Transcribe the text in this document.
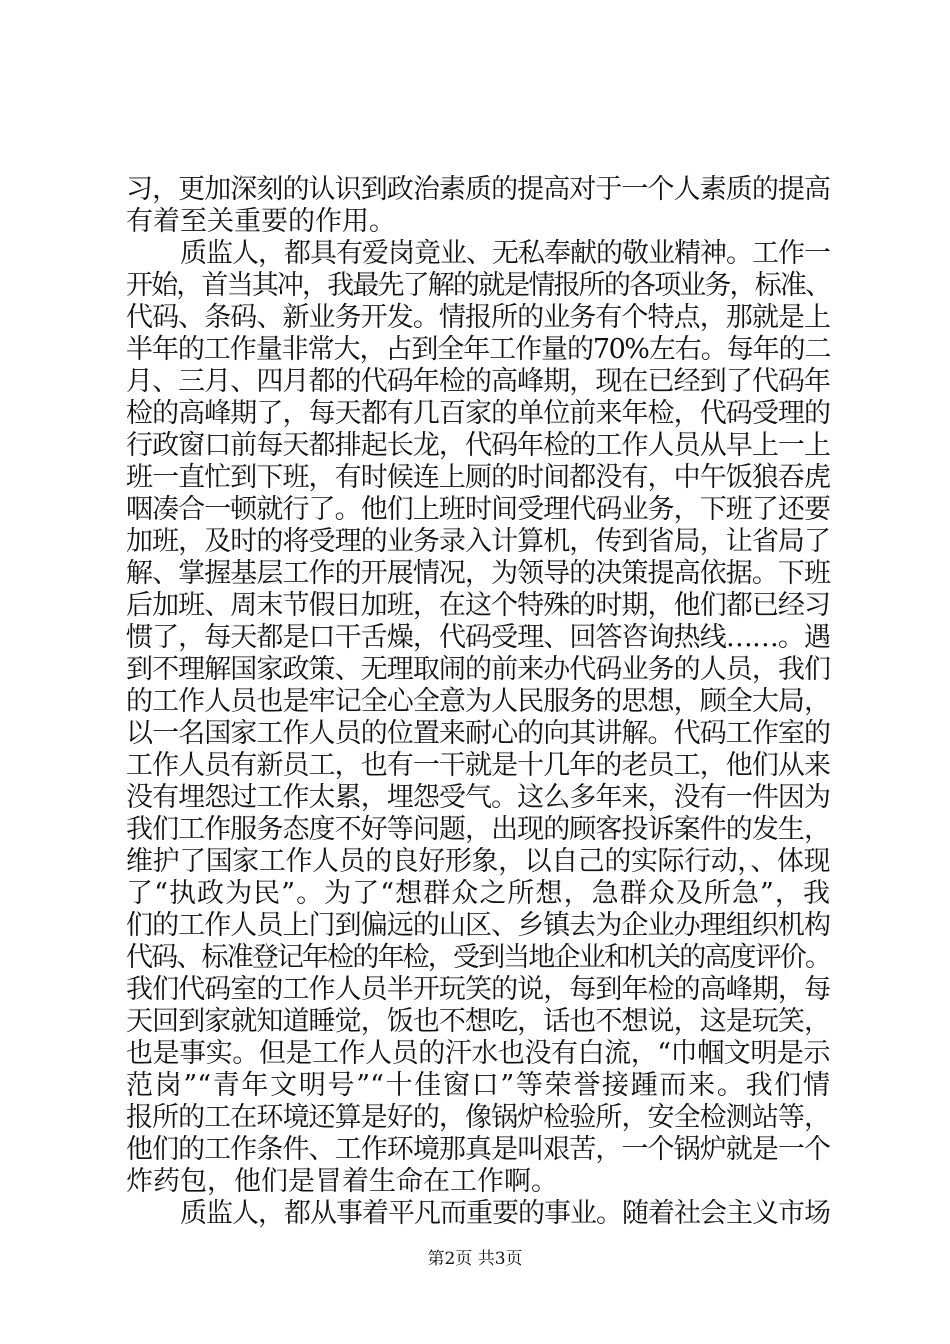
习，更加深刻的认识到政治素质的提高对于一个人素质的提高
有着至关重要的作用。
质监人，都具有爱岗竟业、无私奉献的敬业精神。工作一
开始，首当其冲，我最先了解的就是情报所的各项业务，标准、
代码、条码、新业务开发。情报所的业务有个特点，那就是上
半年的工作量非常大，占到全年工作量的70%左右。每年的二
月、三月、四月都的代码年检的高峰期，现在已经到了代码年
检的高峰期了，每天都有几百家的单位前来年检，代码受理的
行政窗口前每天都排起长龙，代码年检的工作人员从早上一上
班一直忙到下班，有时候连上厕的时间都没有，中午饭狼吞虎
咽凑合一顿就行了。他们上班时间受理代码业务，下班了还要
加班，及时的将受理的业务录入计算机，传到省局，让省局了
解、掌握基层工作的开展情况，为领导的决策提高依据。下班
后加班、周末节假日加班，在这个特殊的时期，他们都已经习
惯了，每天都是口干舌燥，代码受理、回答咨询热线……。遇
到不理解国家政策、无理取闹的前来办代码业务的人员，我们
的工作人员也是牢记全心全意为人民服务的思想，顾全大局，
以一名国家工作人员的位置来耐心的向其讲解。代码工作室的
工作人员有新员工，也有一干就是十几年的老员工，他们从来
没有埋怨过工作太累，埋怨受气。这么多年来，没有一件因为
我们工作服务态度不好等问题，出现的顾客投诉案件的发生，
维护了国家工作人员的良好形象，以自己的实际行动，、体现
了“执政为民”。为了“想群众之所想，急群众及所急”，我
们的工作人员上门到偏远的山区、乡镇去为企业办理组织机构
代码、标准登记年检的年检，受到当地企业和机关的高度评价。
我们代码室的工作人员半开玩笑的说，每到年检的高峰期，每
天回到家就知道睡觉，饭也不想吃，话也不想说，这是玩笑，
也是事实。但是工作人员的汗水也没有白流，“巾帼文明是示
范岗”“青年文明号”“十佳窗口”等荣誉接踵而来。我们情
报所的工在环境还算是好的，像锅炉检验所，安全检测站等，
他们的工作条件、工作环境那真是叫艰苦，一个锅炉就是一个
炸药包，他们是冒着生命在工作啊。
质监人，都从事着平凡而重要的事业。随着社会主义市场
第2页 共3页
